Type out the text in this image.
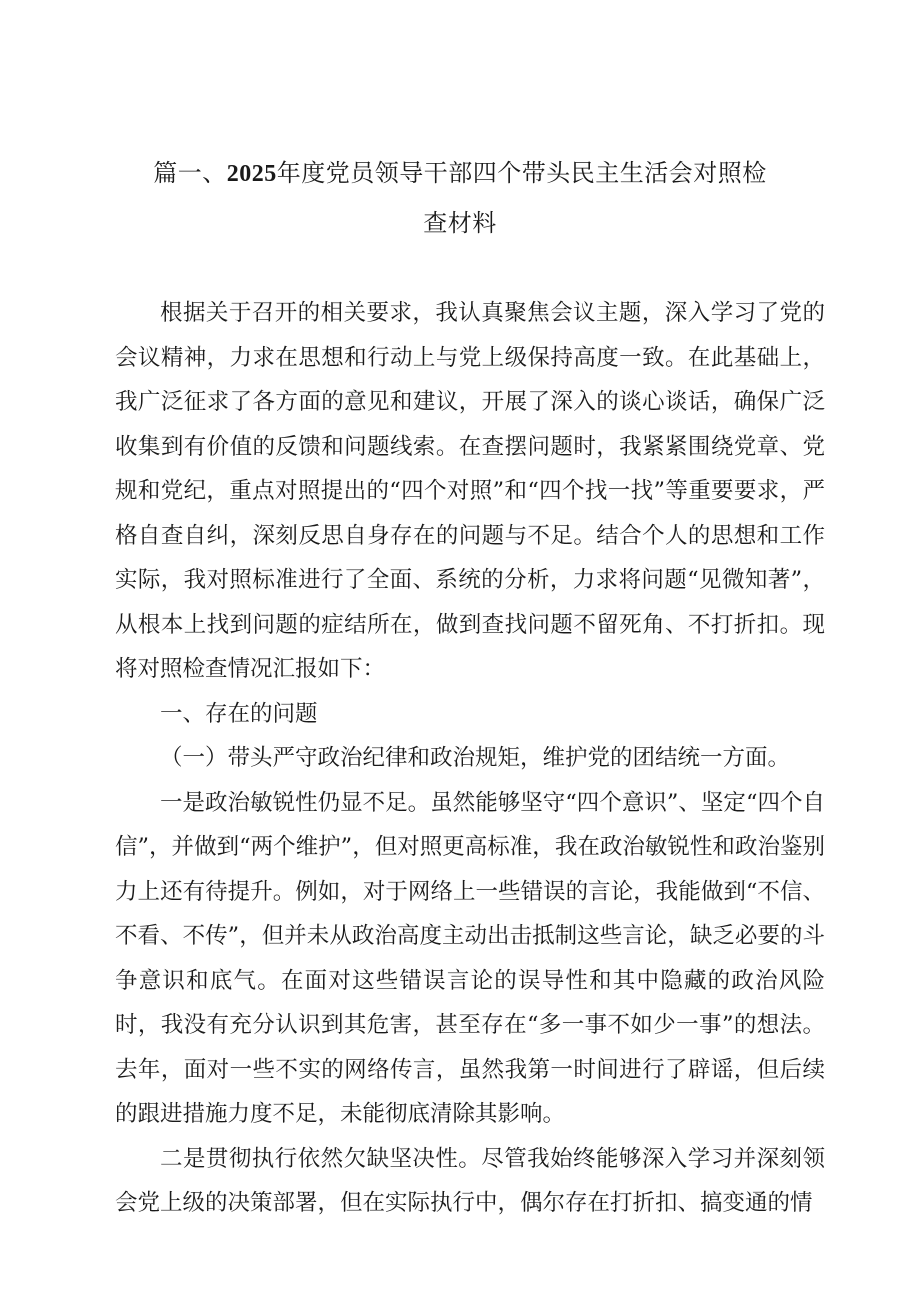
篇一、2025年度党员领导干部四个带头民主生活会对照检
查材料

根据关于召开的相关要求，我认真聚焦会议主题，深入学习了党的会议精神，力求在思想和行动上与党上级保持高度一致。在此基础上，我广泛征求了各方面的意见和建议，开展了深入的谈心谈话，确保广泛收集到有价值的反馈和问题线索。在查摆问题时，我紧紧围绕党章、党规和党纪，重点对照提出的“四个对照”和“四个找一找”等重要要求，严格自查自纠，深刻反思自身存在的问题与不足。结合个人的思想和工作实际，我对照标准进行了全面、系统的分析，力求将问题“见微知著”，从根本上找到问题的症结所在，做到查找问题不留死角、不打折扣。现将对照检查情况汇报如下：

一、存在的问题

（一）带头严守政治纪律和政治规矩，维护党的团结统一方面。

一是政治敏锐性仍显不足。虽然能够坚守“四个意识”、坚定“四个自信”，并做到“两个维护”，但对照更高标准，我在政治敏锐性和政治鉴别力上还有待提升。例如，对于网络上一些错误的言论，我能做到“不信、不看、不传”，但并未从政治高度主动出击抵制这些言论，缺乏必要的斗争意识和底气。在面对这些错误言论的误导性和其中隐藏的政治风险时，我没有充分认识到其危害，甚至存在“多一事不如少一事”的想法。去年，面对一些不实的网络传言，虽然我第一时间进行了辟谣，但后续的跟进措施力度不足，未能彻底清除其影响。

二是贯彻执行依然欠缺坚决性。尽管我始终能够深入学习并深刻领会党上级的决策部署，但在实际执行中，偶尔存在打折扣、搞变通的情
